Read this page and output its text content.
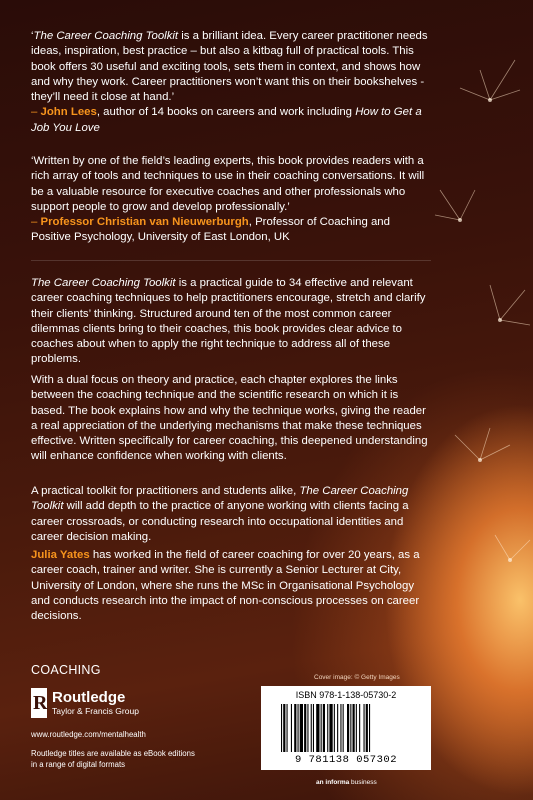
‘The Career Coaching Toolkit is a brilliant idea. Every career practitioner needs ideas, inspiration, best practice – but also a kitbag full of practical tools. This book offers 30 useful and exciting tools, sets them in context, and shows how and why they work. Career practitioners won’t want this on their bookshelves - they’ll need it close at hand.’

– John Lees, author of 14 books on careers and work including How to Get a Job You Love

‘Written by one of the field’s leading experts, this book provides readers with a rich array of tools and techniques to use in their coaching conversations. It will be a valuable resource for executive coaches and other professionals who support people to grow and develop professionally.’

– Professor Christian van Nieuwerburgh, Professor of Coaching and Positive Psychology, University of East London, UK

The Career Coaching Toolkit is a practical guide to 34 effective and relevant career coaching techniques to help practitioners encourage, stretch and clarify their clients’ thinking. Structured around ten of the most common career dilemmas clients bring to their coaches, this book provides clear advice to coaches about when to apply the right technique to address all of these problems.

With a dual focus on theory and practice, each chapter explores the links between the coaching technique and the scientific research on which it is based. The book explains how and why the technique works, giving the reader a real appreciation of the underlying mechanisms that make these techniques effective. Written specifically for career coaching, this deepened understanding will enhance confidence when working with clients.

A practical toolkit for practitioners and students alike, The Career Coaching Toolkit will add depth to the practice of anyone working with clients facing a career crossroads, or conducting research into occupational identities and career decision making.

Julia Yates has worked in the field of career coaching for over 20 years, as a career coach, trainer and writer. She is currently a Senior Lecturer at City, University of London, where she runs the MSc in Organisational Psychology and conducts research into the impact of non-conscious processes on career decisions.

COACHING
R Routledge
Taylor & Francis Group
www.routledge.com/mentalhealth
Routledge titles are available as eBook editions in a range of digital formats
Cover image: © Getty Images
ISBN 978-1-138-05730-2
9 781138 057302
an informa business
